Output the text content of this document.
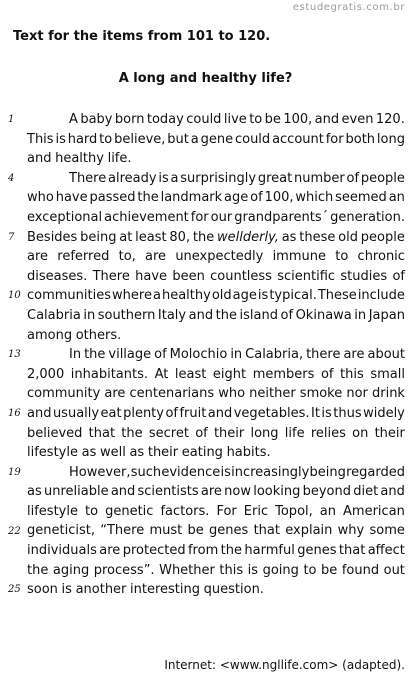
estudegratis.com.br
Text for the items from 101 to 120.
A long and healthy life?
1
4
7
10
13
16
19
22
25
A baby born today could live to be 100, and even 120.
This is hard to believe, but a gene could account for both long
and healthy life.
There already is a surprisingly great number of people
who have passed the landmark age of 100, which seemed an
exceptional achievement for our grandparents´ generation.
Besides being at least 80, the wellderly, as these old people
are referred to, are unexpectedly immune to chronic
diseases. There have been countless scientific studies of
communities where a healthy old age is typical. These include
Calabria in southern Italy and the island of Okinawa in Japan
among others.
In the village of Molochio in Calabria, there are about
2,000 inhabitants. At least eight members of this small
community are centenarians who neither smoke nor drink
and usually eat plenty of fruit and vegetables. It is thus widely
believed that the secret of their long life relies on their
lifestyle as well as their eating habits.
However, such evidence is increasingly being regarded
as unreliable and scientists are now looking beyond diet and
lifestyle to genetic factors. For Eric Topol, an American
geneticist, “There must be genes that explain why some
individuals are protected from the harmful genes that affect
the aging process”. Whether this is going to be found out
soon is another interesting question.
Internet: <www.ngllife.com> (adapted).
